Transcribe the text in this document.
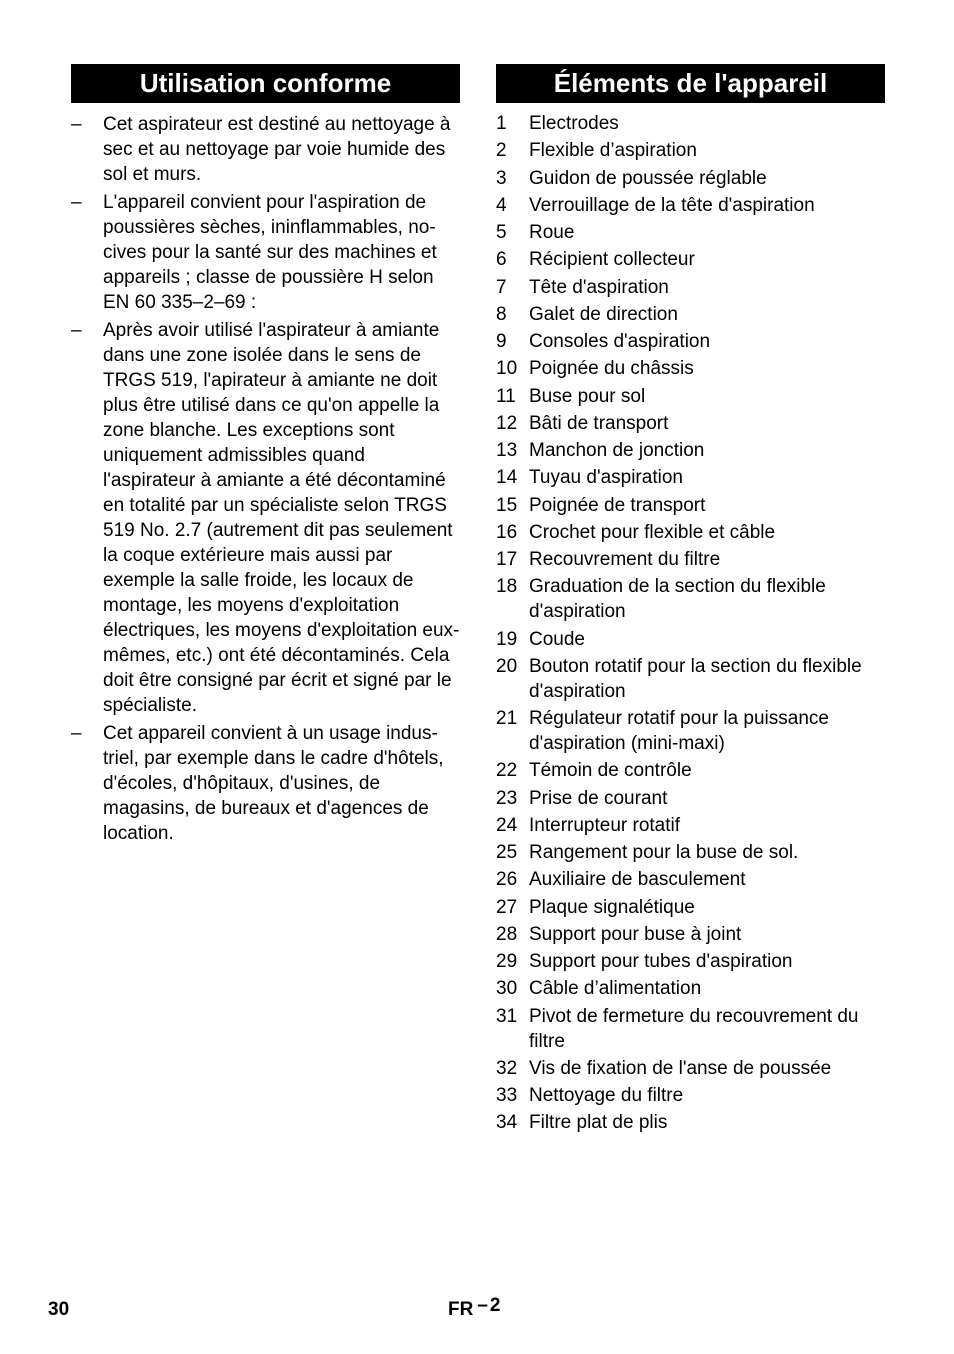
Utilisation conforme
–	Cet aspirateur est destiné au nettoyage à sec et au nettoyage par voie humide des sol et murs.
–	L'appareil convient pour l'aspiration de poussières sèches, ininflammables, nocives pour la santé sur des machines et appareils ; classe de poussière H selon EN 60 335–2–69 :
–	Après avoir utilisé l'aspirateur à amiante dans une zone isolée dans le sens de TRGS 519, l'apirateur à amiante ne doit plus être utilisé dans ce qu'on appelle la zone blanche. Les exceptions sont uniquement admissibles quand l'aspirateur à amiante a été décontaminé en totalité par un spécialiste selon TRGS 519 No. 2.7 (autrement dit pas seulement la coque extérieure mais aussi par exemple la salle froide, les locaux de montage, les moyens d'exploitation électriques, les moyens d'exploitation eux-mêmes, etc.) ont été décontaminés. Cela doit être consigné par écrit et signé par le spécialiste.
–	Cet appareil convient à un usage industriel, par exemple dans le cadre d'hôtels, d'écoles, d'hôpitaux, d'usines, de magasins, de bureaux et d'agences de location.
Éléments de l'appareil
1	Electrodes
2	Flexible d’aspiration
3	Guidon de poussée réglable
4	Verrouillage de la tête d'aspiration
5	Roue
6	Récipient collecteur
7	Tête d'aspiration
8	Galet de direction
9	Consoles d'aspiration
10 Poignée du châssis
11 Buse pour sol
12 Bâti de transport
13 Manchon de jonction
14 Tuyau d'aspiration
15 Poignée de transport
16 Crochet pour flexible et câble
17 Recouvrement du filtre
18 Graduation de la section du flexible d'aspiration
19 Coude
20 Bouton rotatif pour la section du flexible d'aspiration
21 Régulateur rotatif pour la puissance d'aspiration (mini-maxi)
22 Témoin de contrôle
23 Prise de courant
24 Interrupteur rotatif
25 Rangement pour la buse de sol.
26 Auxiliaire de basculement
27 Plaque signalétique
28 Support pour buse à joint
29 Support pour tubes d'aspiration
30 Câble d’alimentation
31 Pivot de fermeture du recouvrement du filtre
32 Vis de fixation de l'anse de poussée
33 Nettoyage du filtre
34 Filtre plat de plis
30	FR – 2
